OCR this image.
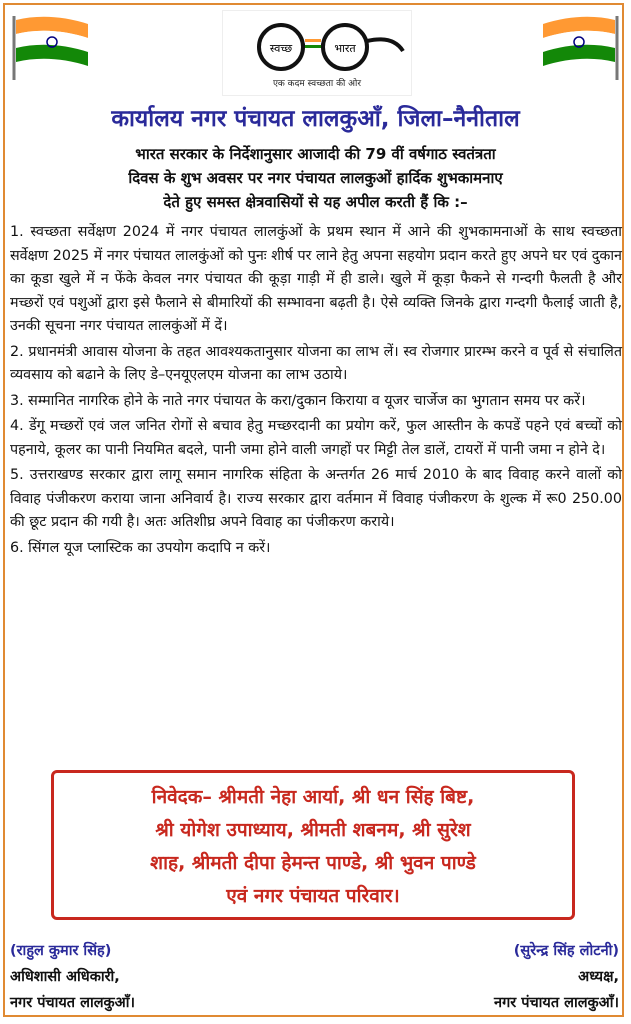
स्वच्छ	भारत
एक कदम स्वच्छता की ओर
कार्यालय नगर पंचायत लालकुआँ, जिला–नैनीताल
भारत सरकार के निर्देशानुसार आजादी की 79 वीं वर्षगाठ स्वतंत्रता
दिवस के शुभ अवसर पर नगर पंचायत लालकुओं हार्दिक शुभकामनाए
देते हुए समस्त क्षेत्रवासियों से यह अपील करती हैं कि :–

1. स्वच्छता सर्वेक्षण 2024 में नगर पंचायत लालकुंओं के प्रथम स्थान में आने की शुभकामनाओं के साथ स्वच्छता सर्वेक्षण 2025 में नगर पंचायत लालकुंओं को पुनः शीर्ष पर लाने हेतु अपना सहयोग प्रदान करते हुए अपने घर एवं दुकान का कूडा खुले में न फेंके केवल नगर पंचायत की कूड़ा गाड़ी में ही डाले। खुले में कूड़ा फैकने से गन्दगी फैलती है और मच्छरों एवं पशुओं द्वारा इसे फैलाने से बीमारियों की सम्भावना बढ़ती है। ऐसे व्यक्ति जिनके द्वारा गन्दगी फैलाई जाती है, उनकी सूचना नगर पंचायत लालकुंओं में दें।

2. प्रधानमंत्री आवास योजना के तहत आवश्यकतानुसार योजना का लाभ लें। स्व रोजगार प्रारम्भ करने व पूर्व से संचालित व्यवसाय को बढाने के लिए डे–एनयूएलएम योजना का लाभ उठाये।

3. सम्मानित नागरिक होने के नाते नगर पंचायत के करा/दुकान किराया व यूजर चार्जेज का भुगतान समय पर करें।

4. डेंगू मच्छरों एवं जल जनित रोगों से बचाव हेतु मच्छरदानी का प्रयोग करें, फुल आस्तीन के कपडें पहने एवं बच्चों को पहनाये, कूलर का पानी नियमित बदले, पानी जमा होने वाली जगहों पर मिट्टी तेल डालें, टायरों में पानी जमा न होने दे।

5. उत्तराखण्ड सरकार द्वारा लागू समान नागरिक संहिता के अन्तर्गत 26 मार्च 2010 के बाद विवाह करने वालों को विवाह पंजीकरण कराया जाना अनिवार्य है। राज्य सरकार द्वारा वर्तमान में विवाह पंजीकरण के शुल्क में रू0 250.00 की छूट प्रदान की गयी है। अतः अतिशीघ्र अपने विवाह का पंजीकरण कराये।

6. सिंगल यूज प्लास्टिक का उपयोग कदापि न करें।

निवेदक– श्रीमती नेहा आर्या, श्री धन सिंह बिष्ट,
श्री योगेश उपाध्याय, श्रीमती शबनम, श्री सुरेश
शाह, श्रीमती दीपा हेमन्त पाण्डे, श्री भुवन पाण्डे
एवं नगर पंचायत परिवार।
(राहुल कुमार सिंह)
अधिशासी अधिकारी,
नगर पंचायत लालकुआँ।
(सुरेन्द्र सिंह लोटनी)
अध्यक्ष,
नगर पंचायत लालकुआँ।
